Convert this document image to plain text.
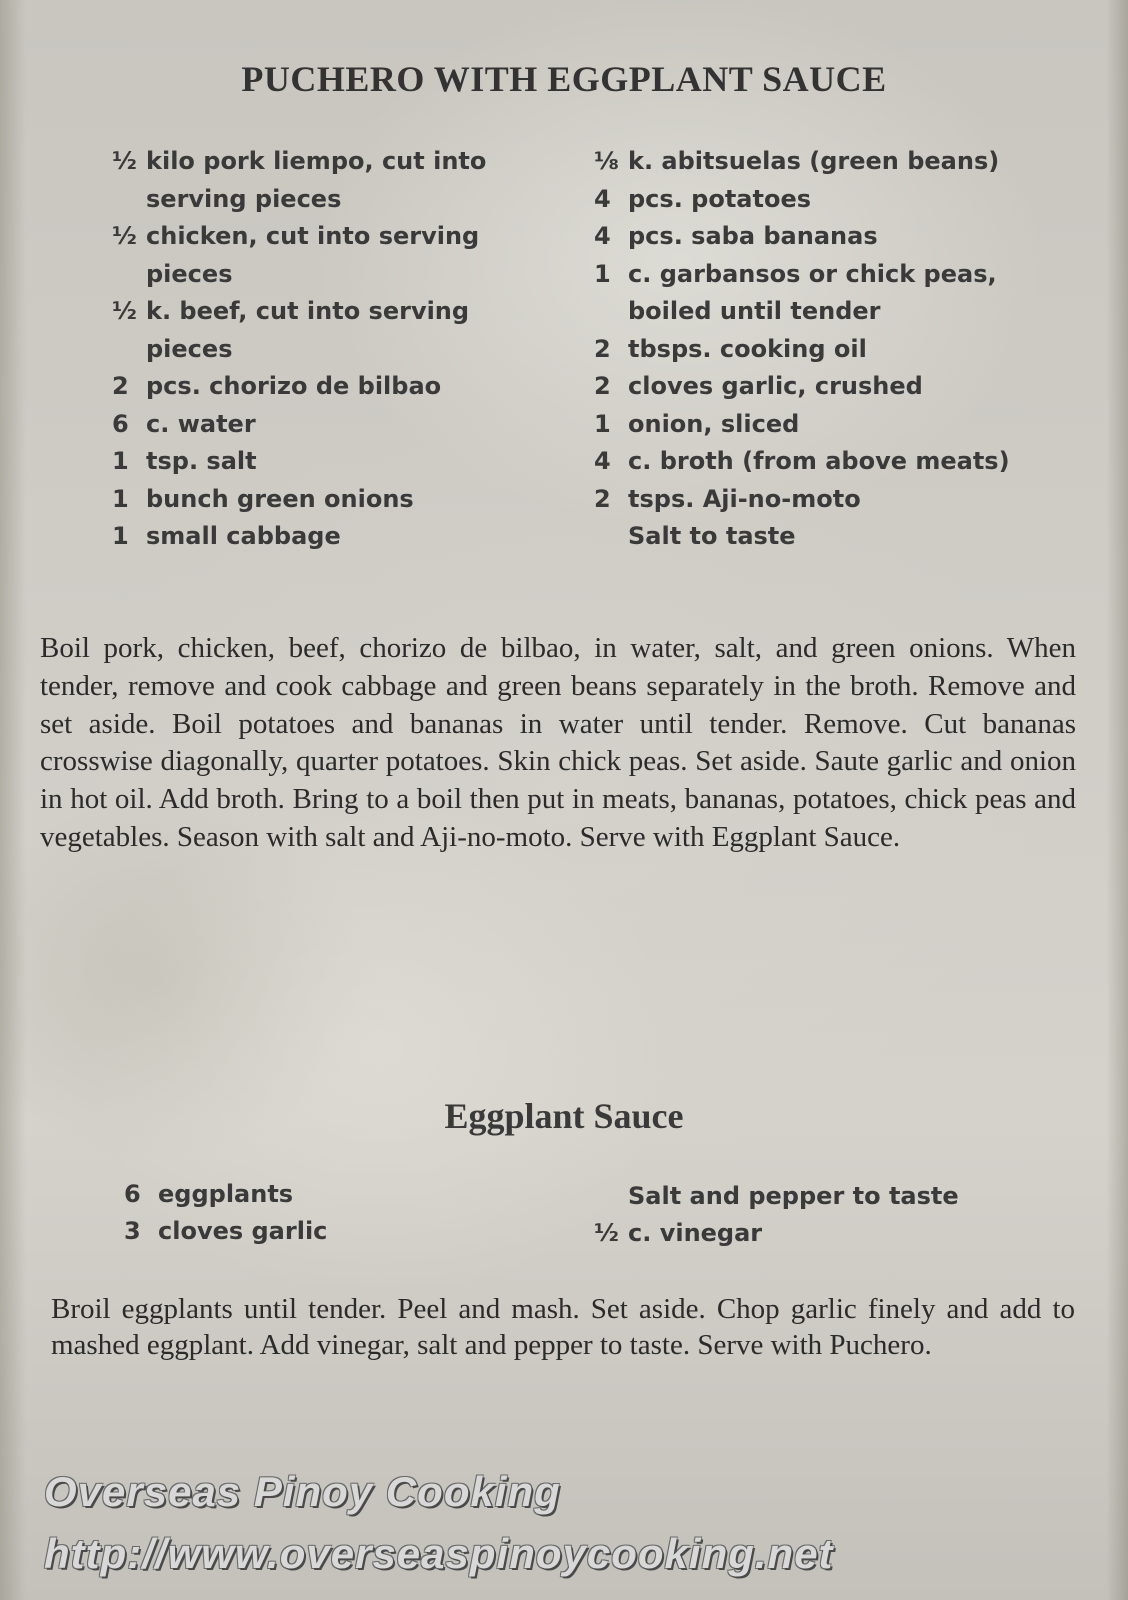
PUCHERO WITH EGGPLANT SAUCE
½ kilo pork liempo, cut into
serving pieces
½ chicken, cut into serving
pieces
½ k. beef, cut into serving
pieces
2 pcs. chorizo de bilbao
6 c. water
1 tsp. salt
1 bunch green onions
1 small cabbage
⅛ k. abitsuelas (green beans)
4 pcs. potatoes
4 pcs. saba bananas
1 c. garbansos or chick peas,
boiled until tender
2 tbsps. cooking oil
2 cloves garlic, crushed
1 onion, sliced
4 c. broth (from above meats)
2 tsps. Aji-no-moto
Salt to taste
Boil pork, chicken, beef, chorizo de bilbao, in water, salt, and green onions. When tender, remove and cook cabbage and green beans separately in the broth. Remove and set aside. Boil potatoes and bananas in water until tender. Remove. Cut bananas crosswise diagonally, quarter potatoes. Skin chick peas. Set aside. Saute garlic and onion in hot oil. Add broth. Bring to a boil then put in meats, bananas, potatoes, chick peas and vegetables. Season with salt and Aji-no-moto. Serve with Eggplant Sauce.
Eggplant Sauce
6 eggplants
3 cloves garlic
Salt and pepper to taste
½ c. vinegar
Broil eggplants until tender. Peel and mash. Set aside. Chop garlic finely and add to mashed eggplant. Add vinegar, salt and pepper to taste. Serve with Puchero.
Overseas Pinoy Cooking
http://www.overseaspinoycooking.net
